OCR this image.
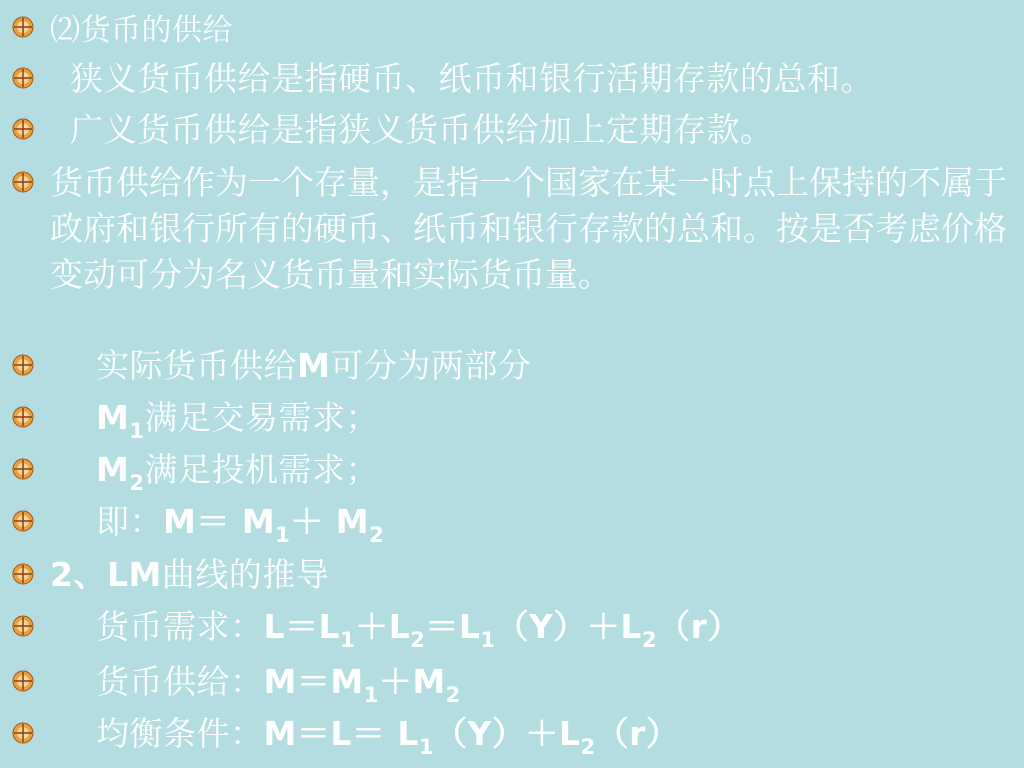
⑵货币的供给
狭义货币供给是指硬币、纸币和银行活期存款的总和。
广义货币供给是指狭义货币供给加上定期存款。
货币供给作为一个存量，是指一个国家在某一时点上保持的不属于政府和银行所有的硬币、纸币和银行存款的总和。按是否考虑价格变动可分为名义货币量和实际货币量。
实际货币供给M可分为两部分
$M_1$满足交易需求；
$M_2$满足投机需求；
即：$M= M_1+ M_2$
2、LM曲线的推导
货币需求：$L=L_1+L_2=L_1(Y)+L_2(r)$
货币供给：$M=M_1+M_2$
均衡条件：$M=L= L_1(Y)+L_2(r)$
